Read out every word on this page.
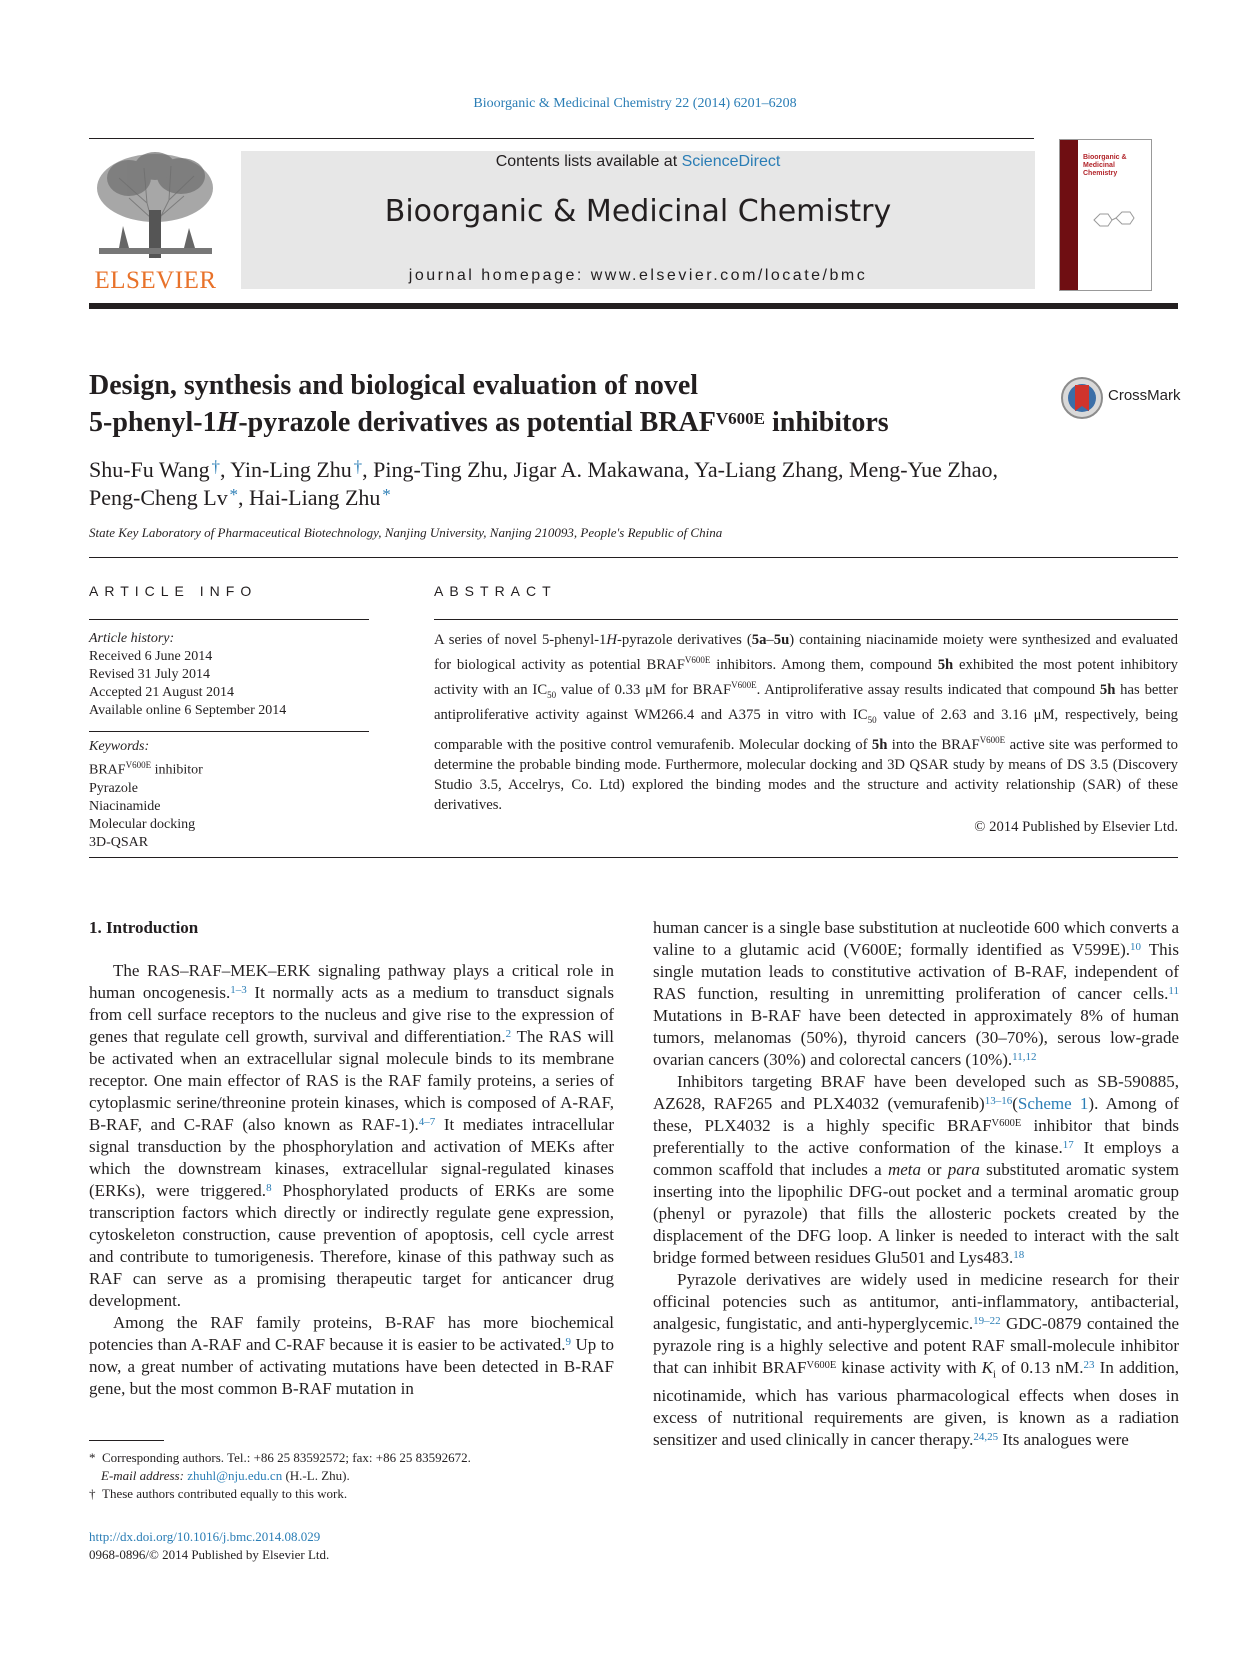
Bioorganic & Medicinal Chemistry 22 (2014) 6201–6208
ELSEVIER
Contents lists available at ScienceDirect
Bioorganic & Medicinal Chemistry
journal homepage: www.elsevier.com/locate/bmc
Bioorganic & Medicinal Chemistry
Design, synthesis and biological evaluation of novel
5-phenyl-1H-pyrazole derivatives as potential $BRAF^{V600E}$ inhibitors
CrossMark
Shu-Fu Wang  †, Yin-Ling Zhu  †, Ping-Ting Zhu, Jigar A. Makawana, Ya-Liang Zhang, Meng-Yue Zhao,
Peng-Cheng Lv  *, Hai-Liang Zhu  *
State Key Laboratory of Pharmaceutical Biotechnology, Nanjing University, Nanjing 210093, People's Republic of China
ARTICLE INFO
Article history:
Received 6 June 2014
Revised 31 July 2014
Accepted 21 August 2014
Available online 6 September 2014
Keywords:
$BRAF^{V600E}$ inhibitor
Pyrazole
Niacinamide
Molecular docking
3D-QSAR
ABSTRACT
A series of novel 5-phenyl-1H-pyrazole derivatives (5a–5u) containing niacinamide moiety were synthesized and evaluated for biological activity as potential $BRAF^{V600E}$ inhibitors. Among them, compound 5h exhibited the most potent inhibitory activity with an $IC_{50}$ value of 0.33 μM for $BRAF^{V600E}$. Antiproliferative assay results indicated that compound 5h has better antiproliferative activity against WM266.4 and A375 in vitro with $IC_{50}$ value of 2.63 and 3.16 μM, respectively, being comparable with the positive control vemurafenib. Molecular docking of 5h into the $BRAF^{V600E}$ active site was performed to determine the probable binding mode. Furthermore, molecular docking and 3D QSAR study by means of DS 3.5 (Discovery Studio 3.5, Accelrys, Co. Ltd) explored the binding modes and the structure and activity relationship (SAR) of these derivatives.
© 2014 Published by Elsevier Ltd.
1. Introduction

The RAS–RAF–MEK–ERK signaling pathway plays a critical role in human oncogenesis.$^{1-3}$ It normally acts as a medium to transduct signals from cell surface receptors to the nucleus and give rise to the expression of genes that regulate cell growth, survival and differentiation.$^2$ The RAS will be activated when an extracellular signal molecule binds to its membrane receptor. One main effector of RAS is the RAF family proteins, a series of cytoplasmic serine/threonine protein kinases, which is composed of A-RAF, B-RAF, and C-RAF (also known as RAF-1).$^{4-7}$ It mediates intracellular signal transduction by the phosphorylation and activation of MEKs after which the downstream kinases, extracellular signal-regulated kinases (ERKs), were triggered.$^8$ Phosphorylated products of ERKs are some transcription factors which directly or indirectly regulate gene expression, cytoskeleton construction, cause prevention of apoptosis, cell cycle arrest and contribute to tumorigenesis. Therefore, kinase of this pathway such as RAF can serve as a promising therapeutic target for anticancer drug development.

Among the RAF family proteins, B-RAF has more biochemical potencies than A-RAF and C-RAF because it is easier to be activated.$^9$ Up to now, a great number of activating mutations have been detected in B-RAF gene, but the most common B-RAF mutation in

human cancer is a single base substitution at nucleotide 600 which converts a valine to a glutamic acid (V600E; formally identified as V599E).$^{10}$ This single mutation leads to constitutive activation of B-RAF, independent of RAS function, resulting in unremitting proliferation of cancer cells.$^{11}$ Mutations in B-RAF have been detected in approximately 8% of human tumors, melanomas (50%), thyroid cancers (30–70%), serous low-grade ovarian cancers (30%) and colorectal cancers (10%).$^{11,12}$

Inhibitors targeting BRAF have been developed such as SB-590885, AZ628, RAF265 and PLX4032 (vemurafenib)$^{13-16}$(Scheme 1). Among of these, PLX4032 is a highly specific $BRAF^{V600E}$ inhibitor that binds preferentially to the active conformation of the kinase.$^{17}$ It employs a common scaffold that includes a meta or para substituted aromatic system inserting into the lipophilic DFG-out pocket and a terminal aromatic group (phenyl or pyrazole) that fills the allosteric pockets created by the displacement of the DFG loop. A linker is needed to interact with the salt bridge formed between residues Glu501 and Lys483.18

Pyrazole derivatives are widely used in medicine research for their officinal potencies such as antitumor, anti-inflammatory, antibacterial, analgesic, fungistatic, and anti-hyperglycemic.$^{19-22}$ GDC-0879 contained the pyrazole ring is a highly selective and potent RAF small-molecule inhibitor that can inhibit $BRAF^{V600E}$ kinase activity with $K_i$ of 0.13 nM.$^{23}$ In addition, nicotinamide, which has various pharmacological effects when doses in excess of nutritional requirements are given, is known as a radiation sensitizer and used clinically in cancer therapy.$^{24,25}$ Its analogues were

* Corresponding authors. Tel.: +86 25 83592572; fax: +86 25 83592672.
E-mail address: zhuhl@nju.edu.cn (H.-L. Zhu).
† These authors contributed equally to this work.
http://dx.doi.org/10.1016/j.bmc.2014.08.029
0968-0896/© 2014 Published by Elsevier Ltd.
